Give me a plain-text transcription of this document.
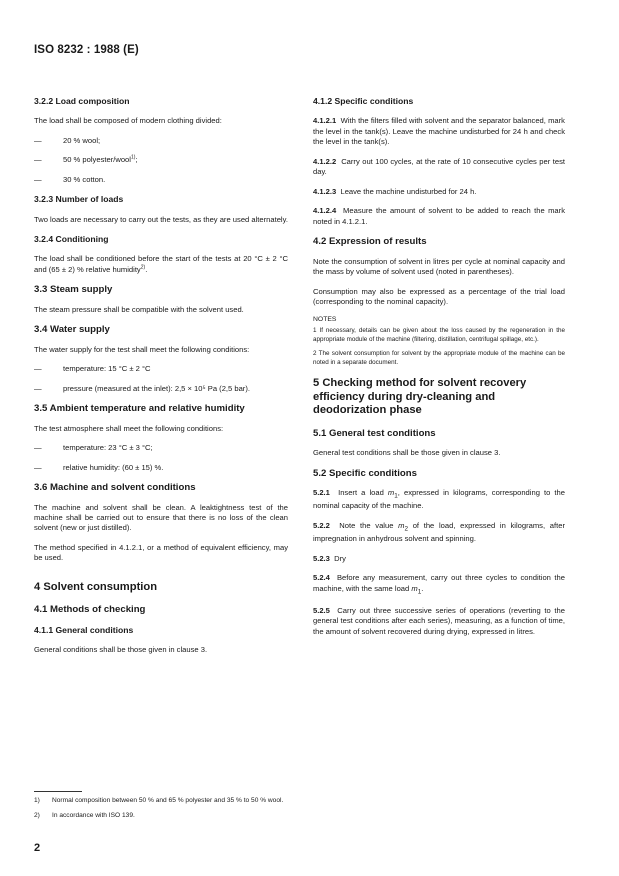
ISO 8232 : 1988 (E)
3.2.2 Load composition
The load shall be composed of modern clothing divided:
—	20 % wool;
—	50 % polyester/wool$^{1)}$;
—	30 % cotton.
3.2.3 Number of loads
Two loads are necessary to carry out the tests, as they are used alternately.
3.2.4 Conditioning
The load shall be conditioned before the start of the tests at 20 °C ± 2 °C and (65 ± 2) % relative humidity$^{2)}$.
3.3 Steam supply
The steam pressure shall be compatible with the solvent used.
3.4 Water supply
The water supply for the test shall meet the following conditions:
—	temperature: 15 °C ± 2 °C
—	pressure (measured at the inlet): 2,5 × 10⁵ Pa (2,5 bar).
3.5 Ambient temperature and relative humidity
The test atmosphere shall meet the following conditions:
—	temperature: 23 °C ± 3 °C;
—	relative humidity: (60 ± 15) %.
3.6 Machine and solvent conditions
The machine and solvent shall be clean. A leaktightness test of the machine shall be carried out to ensure that there is no loss of the clean solvent (new or just distilled).
The method specified in 4.1.2.1, or a method of equivalent efficiency, may be used.
4 Solvent consumption
4.1 Methods of checking
4.1.1 General conditions
General conditions shall be those given in clause 3.
4.1.2 Specific conditions
4.1.2.1 With the filters filled with solvent and the separator balanced, mark the level in the tank(s). Leave the machine undisturbed for 24 h and check the level in the tank(s).
4.1.2.2 Carry out 100 cycles, at the rate of 10 consecutive cycles per test day.
4.1.2.3 Leave the machine undisturbed for 24 h.
4.1.2.4 Measure the amount of solvent to be added to reach the mark noted in 4.1.2.1.
4.2 Expression of results
Note the consumption of solvent in litres per cycle at nominal capacity and the mass by volume of solvent used (noted in parentheses).
Consumption may also be expressed as a percentage of the trial load (corresponding to the nominal capacity).
NOTES
1 If necessary, details can be given about the loss caused by the regeneration in the appropriate module of the machine (filtering, distillation, centrifugal spillage, etc.).
2 The solvent consumption for solvent by the appropriate module of the machine can be noted in a separate document.
5 Checking method for solvent recovery efficiency during dry-cleaning and deodorization phase
5.1 General test conditions
General test conditions shall be those given in clause 3.
5.2 Specific conditions
5.2.1 Insert a load $m_1$, expressed in kilograms, corresponding to the nominal capacity of the machine.
5.2.2 Note the value $m_2$ of the load, expressed in kilograms, after impregnation in anhydrous solvent and spinning.
5.2.3 Dry
5.2.4 Before any measurement, carry out three cycles to condition the machine, with the same load $m_1$.
5.2.5 Carry out three successive series of operations (reverting to the general test conditions after each series), measuring, as a function of time, the amount of solvent recovered during drying, expressed in litres.
1)	Normal composition between 50 % and 65 % polyester and 35 % to 50 % wool.
2)	In accordance with ISO 139.
2
